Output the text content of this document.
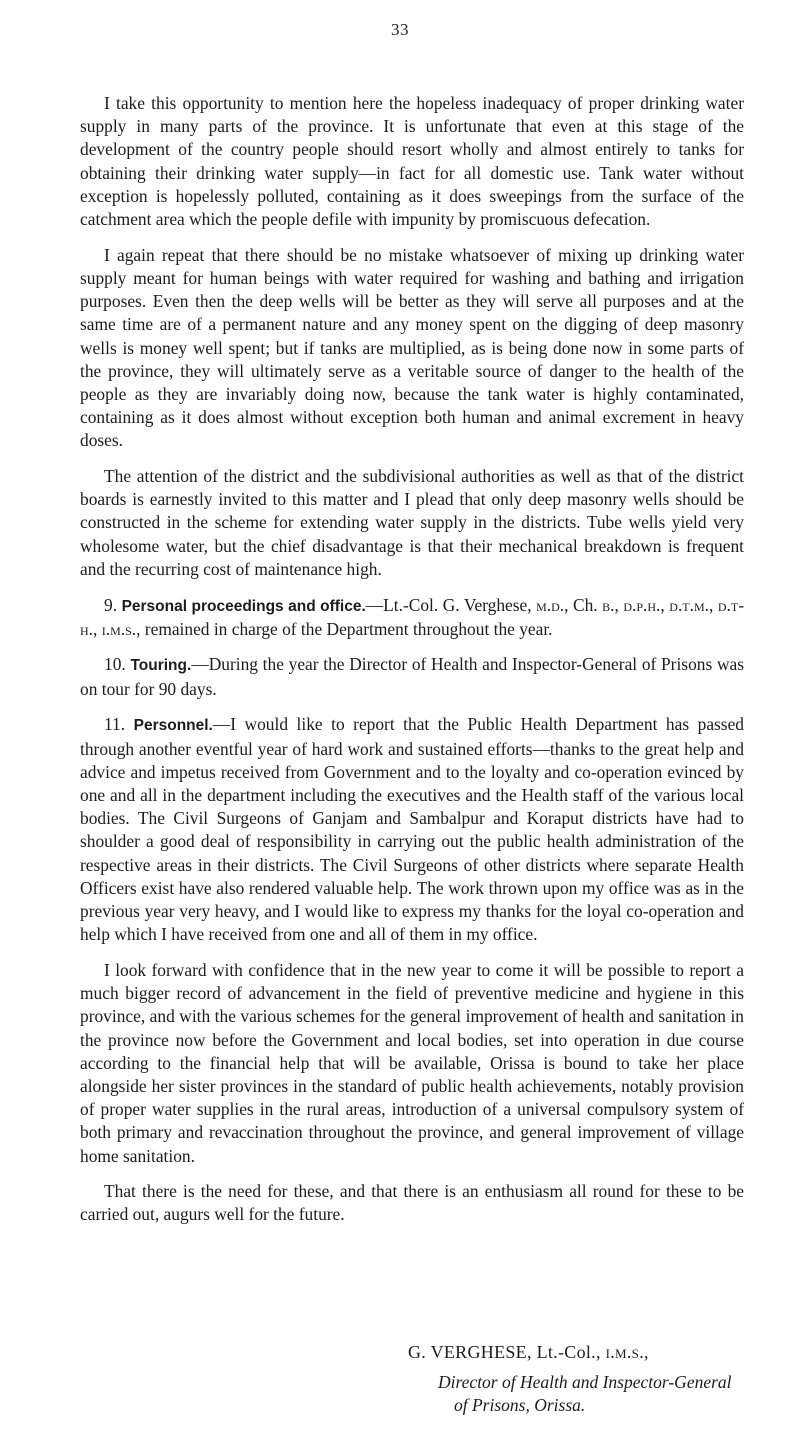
33

I take this opportunity to mention here the hopeless inadequacy of proper drinking water supply in many parts of the province. It is unfortunate that even at this stage of the development of the country people should resort wholly and almost entirely to tanks for obtaining their drinking water supply—in fact for all domestic use. Tank water without exception is hopelessly polluted, containing as it does sweepings from the surface of the catchment area which the people defile with impunity by promiscuous defecation.

I again repeat that there should be no mistake whatsoever of mixing up drinking water supply meant for human beings with water required for washing and bathing and irrigation purposes. Even then the deep wells will be better as they will serve all purposes and at the same time are of a permanent nature and any money spent on the digging of deep masonry wells is money well spent; but if tanks are multiplied, as is being done now in some parts of the province, they will ultimately serve as a veritable source of danger to the health of the people as they are invariably doing now, because the tank water is highly contaminated, containing as it does almost without exception both human and animal excrement in heavy doses.

The attention of the district and the subdivisional authorities as well as that of the district boards is earnestly invited to this matter and I plead that only deep masonry wells should be constructed in the scheme for extending water supply in the districts. Tube wells yield very wholesome water, but the chief disadvantage is that their mechanical breakdown is frequent and the recurring cost of maintenance high.

9. Personal proceedings and office.—Lt.-Col. G. Verghese, m.d., Ch. b., d.p.h., d.t.m., d.t-h., i.m.s., remained in charge of the Department throughout the year.

10. Touring.—During the year the Director of Health and Inspector-General of Prisons was on tour for 90 days.

11. Personnel.—I would like to report that the Public Health Department has passed through another eventful year of hard work and sustained efforts—thanks to the great help and advice and impetus received from Government and to the loyalty and co-operation evinced by one and all in the department including the executives and the Health staff of the various local bodies. The Civil Surgeons of Ganjam and Sambalpur and Koraput districts have had to shoulder a good deal of responsibility in carrying out the public health administration of the respective areas in their districts. The Civil Surgeons of other districts where separate Health Officers exist have also rendered valuable help. The work thrown upon my office was as in the previous year very heavy, and I would like to express my thanks for the loyal co-operation and help which I have received from one and all of them in my office.

I look forward with confidence that in the new year to come it will be possible to report a much bigger record of advancement in the field of preventive medicine and hygiene in this province, and with the various schemes for the general improvement of health and sanitation in the province now before the Government and local bodies, set into operation in due course according to the financial help that will be available, Orissa is bound to take her place alongside her sister provinces in the standard of public health achievements, notably provision of proper water supplies in the rural areas, introduction of a universal compulsory system of both primary and revaccination throughout the province, and general improvement of village home sanitation.

That there is the need for these, and that there is an enthusiasm all round for these to be carried out, augurs well for the future.

G. VERGHESE, Lt.-Col., i.m.s.,
Director of Health and Inspector-General
of Prisons, Orissa.
